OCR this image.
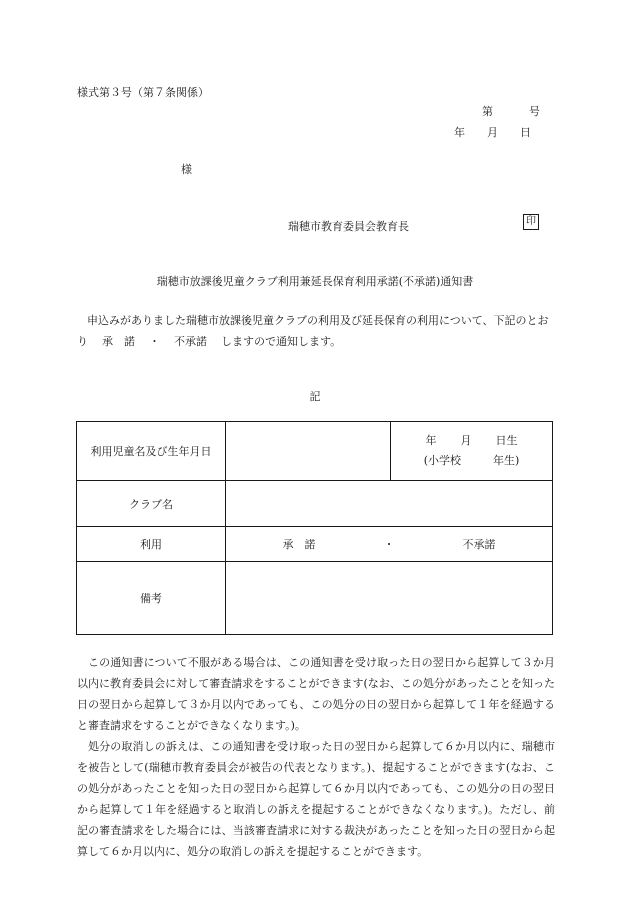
様式第３号（第７条関係）
第	号
年 月 日
様
瑞穂市教育委員会教育長	印
瑞穂市放課後児童クラブ利用兼延長保育利用承諾(不承諾)通知書
申込みがありました瑞穂市放課後児童クラブの利用及び延長保育の利用について、下記のとおり 承　諾 ・ 不承諾 しますので通知します。
記
利用児童名及び生年月日		年 月 日生
(小学校 年生)

クラブ名		
利用	承　諾 ・ 不承諾	
備考		

この通知書について不服がある場合は、この通知書を受け取った日の翌日から起算して３か月以内に教育委員会に対して審査請求をすることができます(なお、この処分があったことを知った日の翌日から起算して３か月以内であっても、この処分の日の翌日から起算して１年を経過すると審査請求をすることができなくなります。)。

処分の取消しの訴えは、この通知書を受け取った日の翌日から起算して６か月以内に、瑞穂市を被告として(瑞穂市教育委員会が被告の代表となります。)、提起することができます(なお、この処分があったことを知った日の翌日から起算して６か月以内であっても、この処分の日の翌日から起算して１年を経過すると取消しの訴えを提起することができなくなります。)。ただし、前記の審査請求をした場合には、当該審査請求に対する裁決があったことを知った日の翌日から起算して６か月以内に、処分の取消しの訴えを提起することができます。
